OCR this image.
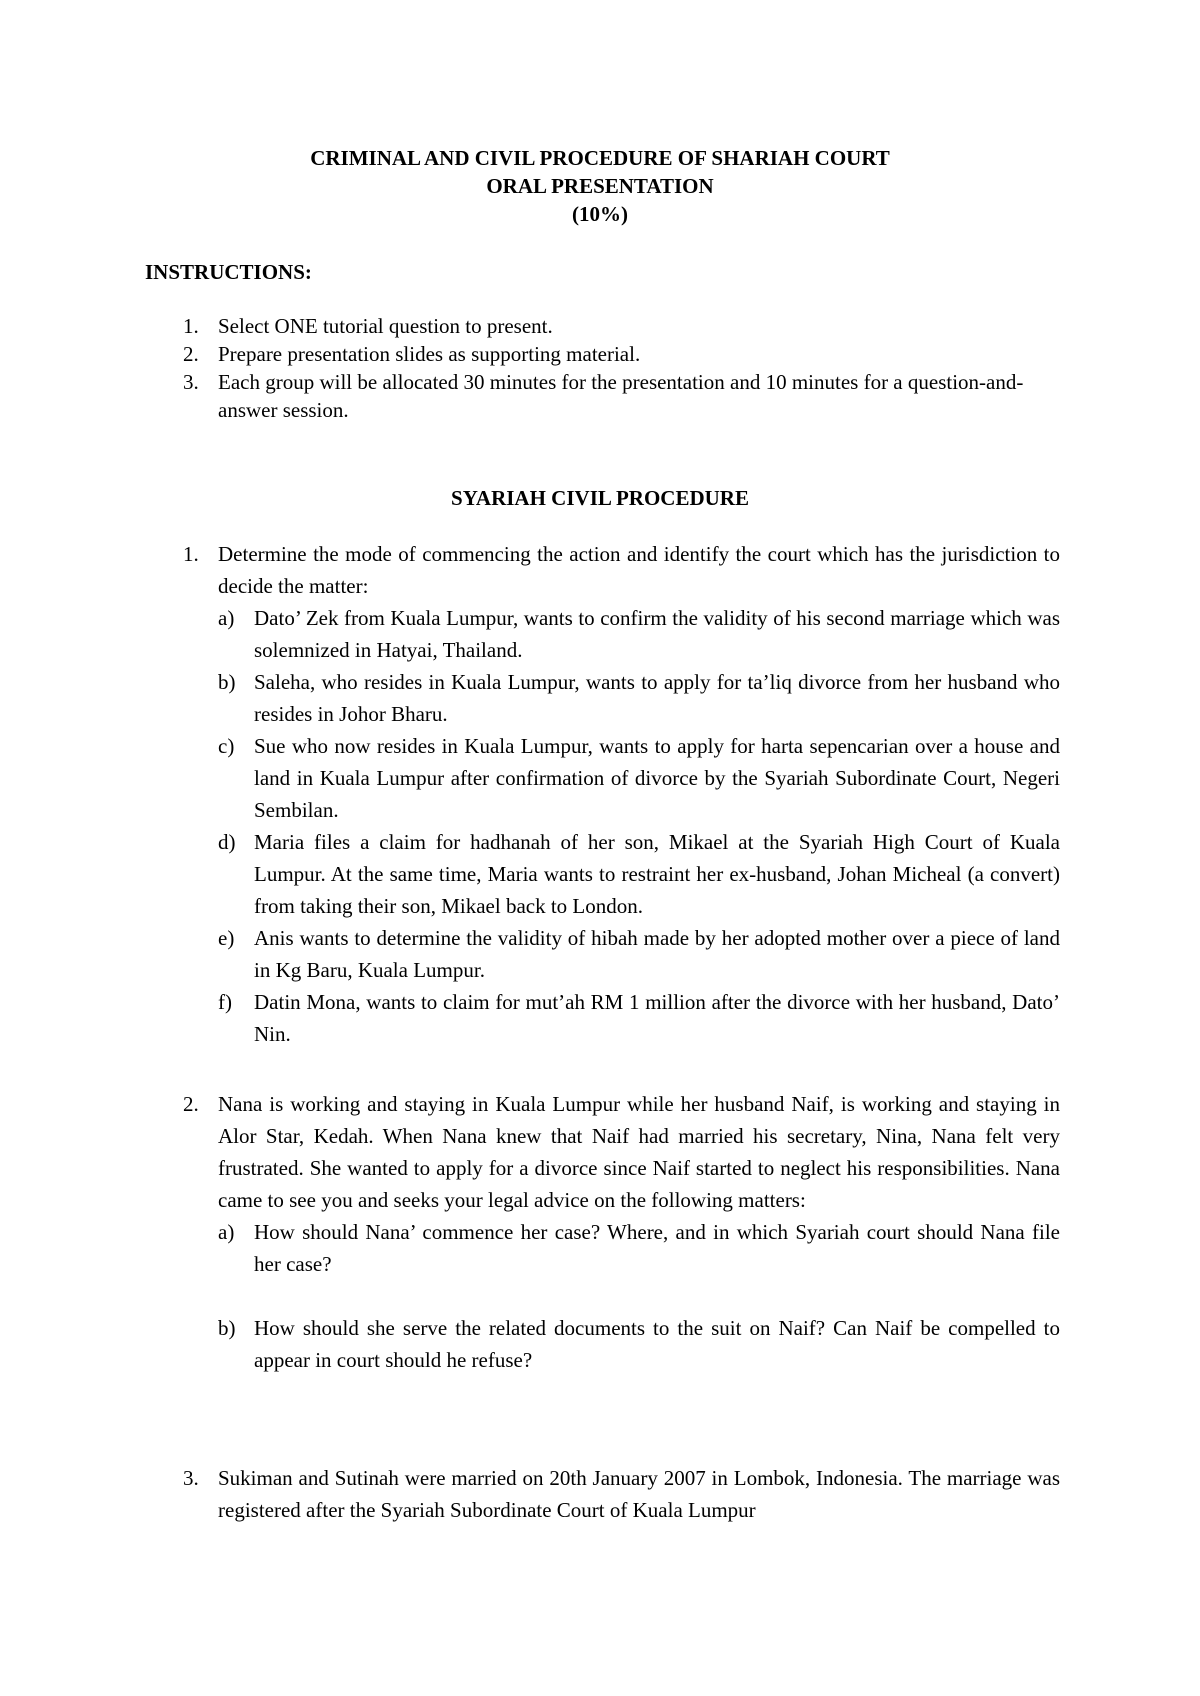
CRIMINAL AND CIVIL PROCEDURE OF SHARIAH COURT
ORAL PRESENTATION
(10%)

INSTRUCTIONS:

1. Select ONE tutorial question to present.
2. Prepare presentation slides as supporting material.
3. Each group will be allocated 30 minutes for the presentation and 10 minutes for a question-and-answer session.

SYARIAH CIVIL PROCEDURE

1. Determine the mode of commencing the action and identify the court which has the jurisdiction to decide the matter:
a) Dato’ Zek from Kuala Lumpur, wants to confirm the validity of his second marriage which was solemnized in Hatyai, Thailand.
b) Saleha, who resides in Kuala Lumpur, wants to apply for ta’liq divorce from her husband who resides in Johor Bharu.
c) Sue who now resides in Kuala Lumpur, wants to apply for harta sepencarian over a house and land in Kuala Lumpur after confirmation of divorce by the Syariah Subordinate Court, Negeri Sembilan.
d) Maria files a claim for hadhanah of her son, Mikael at the Syariah High Court of Kuala Lumpur. At the same time, Maria wants to restraint her ex-husband, Johan Micheal (a convert) from taking their son, Mikael back to London.
e) Anis wants to determine the validity of hibah made by her adopted mother over a piece of land in Kg Baru, Kuala Lumpur.
f) Datin Mona, wants to claim for mut’ah RM 1 million after the divorce with her husband, Dato’ Nin.
2. Nana is working and staying in Kuala Lumpur while her husband Naif, is working and staying in Alor Star, Kedah. When Nana knew that Naif had married his secretary, Nina, Nana felt very frustrated. She wanted to apply for a divorce since Naif started to neglect his responsibilities. Nana came to see you and seeks your legal advice on the following matters:
a) How should Nana’ commence her case? Where, and in which Syariah court should Nana file her case?
b) How should she serve the related documents to the suit on Naif? Can Naif be compelled to appear in court should he refuse?
3. Sukiman and Sutinah were married on 20th January 2007 in Lombok, Indonesia. The marriage was registered after the Syariah Subordinate Court of Kuala Lumpur
